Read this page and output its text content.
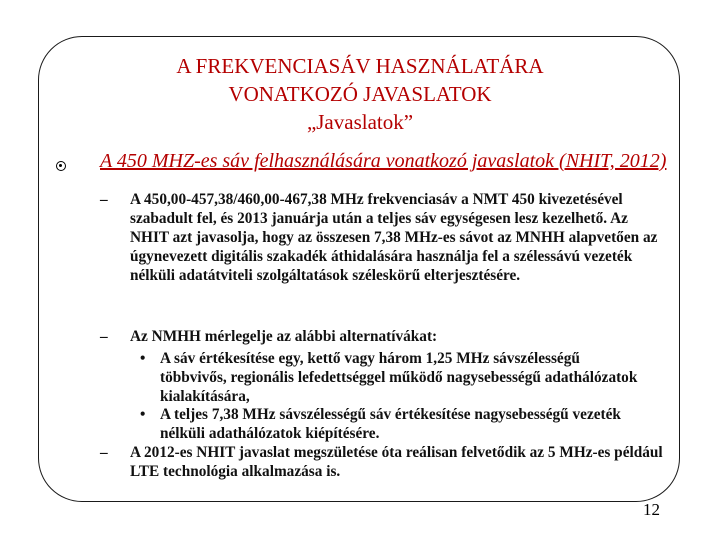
A FREKVENCIASÁV HASZNÁLATÁRA
VONATKOZÓ JAVASLATOK
„Javaslatok”
A 450 MHZ-es sáv felhasználására vonatkozó javaslatok (NHIT, 2012)
– A 450,00-457,38/460,00-467,38 MHz frekvenciasáv a NMT 450 kivezetésével szabadult fel, és 2013 januárja után a teljes sáv egységesen lesz kezelhető. Az NHIT azt javasolja, hogy az összesen 7,38 MHz-es sávot az MNHH alapvetően az úgynevezett digitális szakadék áthidalására használja fel a szélessávú vezeték nélküli adatátviteli szolgáltatások széleskörű elterjesztésére.
– Az NMHH mérlegelje az alábbi alternatívákat:
• A sáv értékesítése egy, kettő vagy három 1,25 MHz sávszélességű többvivős, regionális lefedettséggel működő nagysebességű adathálózatok kialakítására,
• A teljes 7,38 MHz sávszélességű sáv értékesítése nagysebességű vezeték nélküli adathálózatok kiépítésére.
– A 2012-es NHIT javaslat megszületése óta reálisan felvetődik az 5 MHz-es például LTE technológia alkalmazása is.
12
